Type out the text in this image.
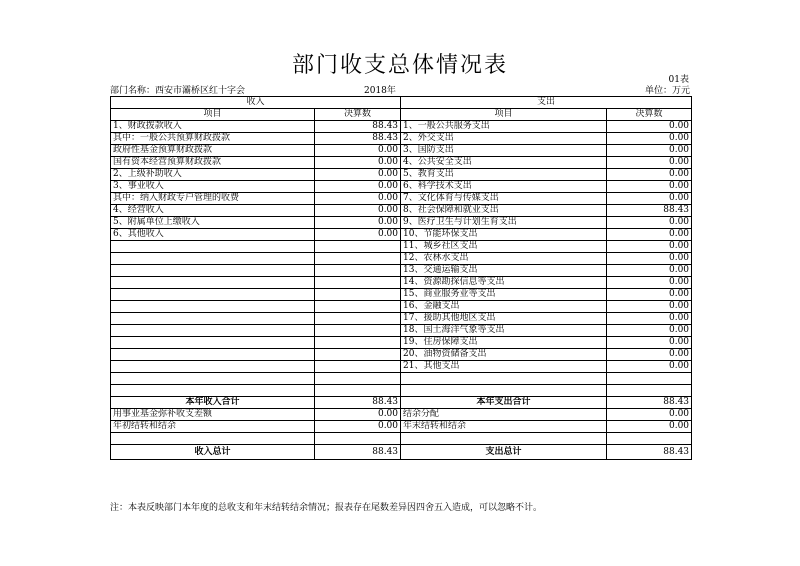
部门收支总体情况表
01表
部门名称：西安市灞桥区红十字会	2018年	单位：万元
收入		支出	
项目	决算数	项目	决算数
1、财政拨款收入	88.43	1、一般公共服务支出	0.00
其中：一般公共预算财政拨款	88.43	2、外交支出	0.00
政府性基金预算财政拨款	0.00	3、国防支出	0.00
国有资本经营预算财政拨款	0.00	4、公共安全支出	0.00
2、上级补助收入	0.00	5、教育支出	0.00
3、事业收入	0.00	6、科学技术支出	0.00
其中：纳入财政专户管理的收费	0.00	7、文化体育与传媒支出	0.00
4、经营收入	0.00	8、社会保障和就业支出	88.43
5、附属单位上缴收入	0.00	9、医疗卫生与计划生育支出	0.00
6、其他收入	0.00	10、节能环保支出	0.00
		11、城乡社区支出	0.00
		12、农林水支出	0.00
		13、交通运输支出	0.00
		14、资源勘探信息等支出	0.00
		15、商业服务业等支出	0.00
		16、金融支出	0.00
		17、援助其他地区支出	0.00
		18、国土海洋气象等支出	0.00
		19、住房保障支出	0.00
		20、油物资储备支出	0.00
		21、其他支出	0.00

本年收入合计	88.43	本年支出合计	88.43
用事业基金弥补收支差额	0.00	结余分配	0.00
年初结转和结余	0.00	年末结转和结余	0.00

收入总计	88.43	支出总计	88.43
注：本表反映部门本年度的总收支和年末结转结余情况；报表存在尾数差异因四舍五入造成，可以忽略不计。
